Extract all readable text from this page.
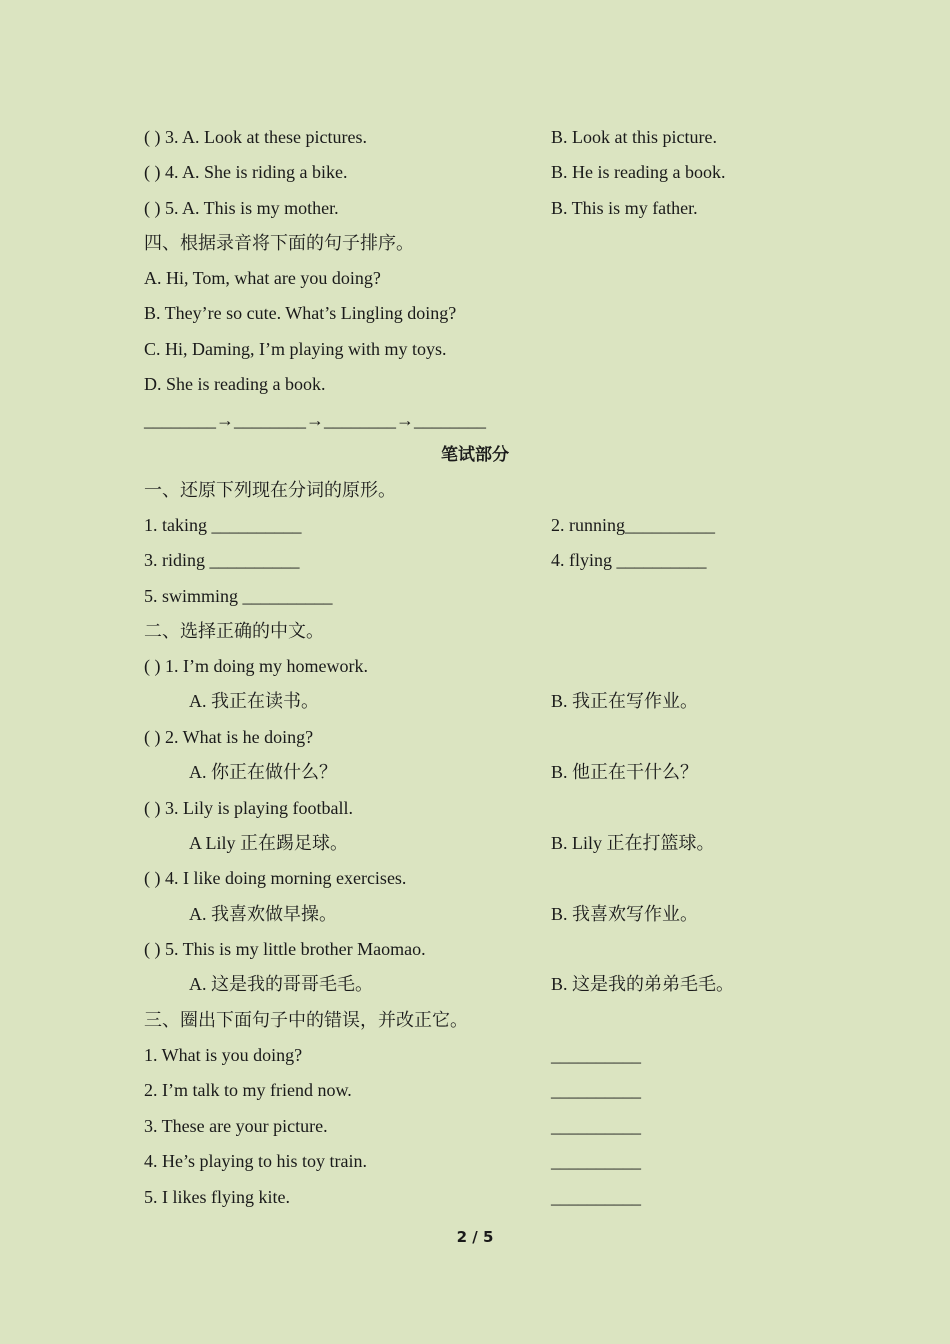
( ) 3. A. Look at these pictures.	B. Look at this picture.
( ) 4. A. She is riding a bike.	B. He is reading a book.
( ) 5. A. This is my mother.	B. This is my father.
四、根据录音将下面的句子排序。
A. Hi, Tom, what are you doing?
B. They’re so cute. What’s Lingling doing?
C. Hi, Daming, I’m playing with my toys.
D. She is reading a book.
________→________→________→________
笔试部分
一、还原下列现在分词的原形。
1. taking __________	2. running__________
3. riding __________	4. flying __________
5. swimming __________
二、选择正确的中文。
( ) 1. I’m doing my homework.
A. 我正在读书。	B. 我正在写作业。
( ) 2. What is he doing?
A. 你正在做什么？	B. 他正在干什么？
( ) 3. Lily is playing football.
A Lily 正在踢足球。	B. Lily 正在打篮球。
( ) 4. I like doing morning exercises.
A. 我喜欢做早操。	B. 我喜欢写作业。
( ) 5. This is my little brother Maomao.
A. 这是我的哥哥毛毛。	B. 这是我的弟弟毛毛。
三、圈出下面句子中的错误，并改正它。
1. What is you doing?	__________
2. I’m talk to my friend now.	__________
3. These are your picture.	__________
4. He’s playing to his toy train.	__________
5. I likes flying kite.	__________
2 / 5
